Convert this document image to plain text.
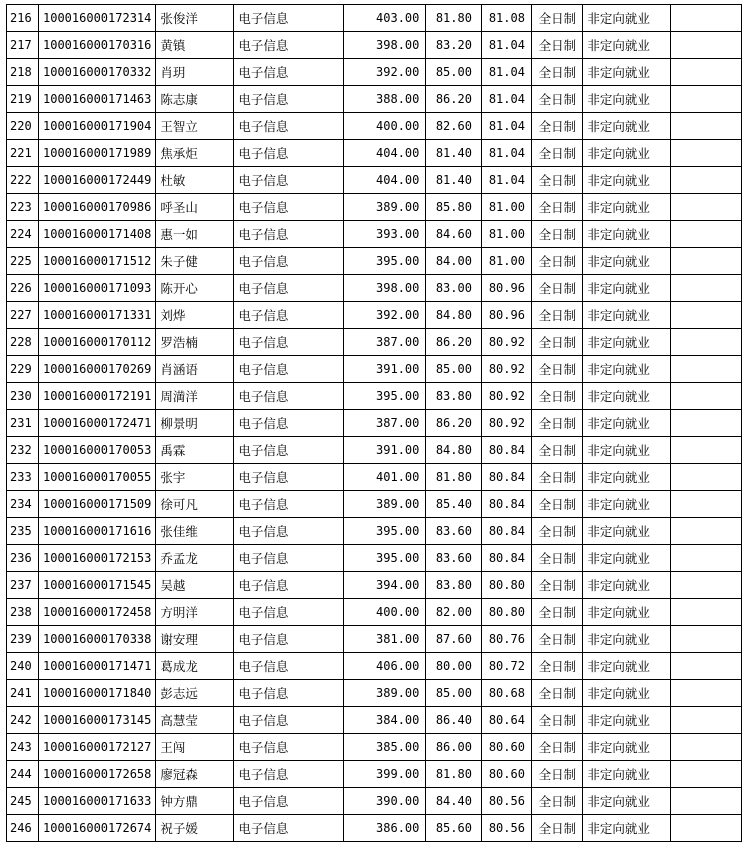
216	100016000172314	张俊洋	电子信息	403.00	81.80	81.08	全日制	非定向就业	
217	100016000170316	黄镇	电子信息	398.00	83.20	81.04	全日制	非定向就业	
218	100016000170332	肖玥	电子信息	392.00	85.00	81.04	全日制	非定向就业	
219	100016000171463	陈志康	电子信息	388.00	86.20	81.04	全日制	非定向就业	
220	100016000171904	王智立	电子信息	400.00	82.60	81.04	全日制	非定向就业	
221	100016000171989	焦承炬	电子信息	404.00	81.40	81.04	全日制	非定向就业	
222	100016000172449	杜敏	电子信息	404.00	81.40	81.04	全日制	非定向就业	
223	100016000170986	呼圣山	电子信息	389.00	85.80	81.00	全日制	非定向就业	
224	100016000171408	惠一如	电子信息	393.00	84.60	81.00	全日制	非定向就业	
225	100016000171512	朱子健	电子信息	395.00	84.00	81.00	全日制	非定向就业	
226	100016000171093	陈开心	电子信息	398.00	83.00	80.96	全日制	非定向就业	
227	100016000171331	刘烨	电子信息	392.00	84.80	80.96	全日制	非定向就业	
228	100016000170112	罗浩楠	电子信息	387.00	86.20	80.92	全日制	非定向就业	
229	100016000170269	肖涵语	电子信息	391.00	85.00	80.92	全日制	非定向就业	
230	100016000172191	周満洋	电子信息	395.00	83.80	80.92	全日制	非定向就业	
231	100016000172471	柳景明	电子信息	387.00	86.20	80.92	全日制	非定向就业	
232	100016000170053	禹霖	电子信息	391.00	84.80	80.84	全日制	非定向就业	
233	100016000170055	张宇	电子信息	401.00	81.80	80.84	全日制	非定向就业	
234	100016000171509	徐可凡	电子信息	389.00	85.40	80.84	全日制	非定向就业	
235	100016000171616	张佳维	电子信息	395.00	83.60	80.84	全日制	非定向就业	
236	100016000172153	乔孟龙	电子信息	395.00	83.60	80.84	全日制	非定向就业	
237	100016000171545	吴越	电子信息	394.00	83.80	80.80	全日制	非定向就业	
238	100016000172458	方明洋	电子信息	400.00	82.00	80.80	全日制	非定向就业	
239	100016000170338	谢安理	电子信息	381.00	87.60	80.76	全日制	非定向就业	
240	100016000171471	葛成龙	电子信息	406.00	80.00	80.72	全日制	非定向就业	
241	100016000171840	彭志远	电子信息	389.00	85.00	80.68	全日制	非定向就业	
242	100016000173145	高慧莹	电子信息	384.00	86.40	80.64	全日制	非定向就业	
243	100016000172127	王闯	电子信息	385.00	86.00	80.60	全日制	非定向就业	
244	100016000172658	廖冠森	电子信息	399.00	81.80	80.60	全日制	非定向就业	
245	100016000171633	钟方鼎	电子信息	390.00	84.40	80.56	全日制	非定向就业	
246	100016000172674	祝子媛	电子信息	386.00	85.60	80.56	全日制	非定向就业	
